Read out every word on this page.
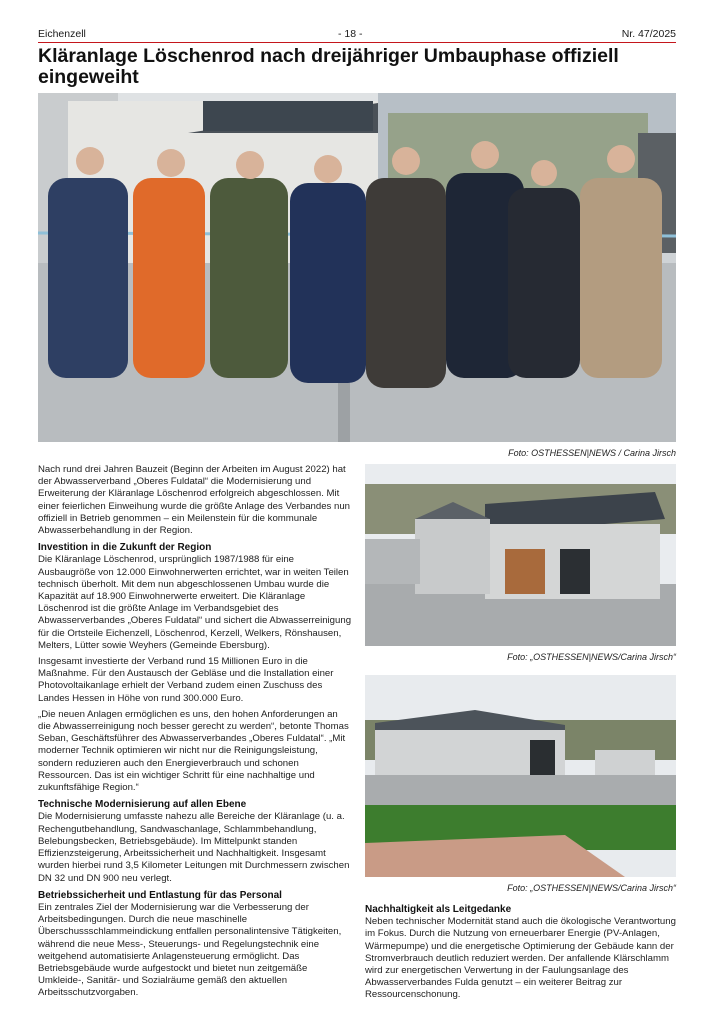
Eichenzell	- 18 -	Nr. 47/2025
Kläranlage Löschenrod nach dreijähriger Umbauphase offiziell eingeweiht
Foto: OSTHESSEN|NEWS / Carina Jirsch
Foto: „OSTHESSEN|NEWS/Carina Jirsch“
Foto: „OSTHESSEN|NEWS/Carina Jirsch“

Nach rund drei Jahren Bauzeit (Beginn der Arbeiten im August 2022) hat der Abwasserverband „Oberes Fuldatal“ die Modernisierung und Erweiterung der Kläranlage Löschenrod erfolgreich abgeschlossen. Mit einer feierlichen Einweihung wurde die größte Anlage des Verbandes nun offiziell in Betrieb genommen – ein Meilenstein für die kommunale Abwasserbehandlung in der Region.

Investition in die Zukunft der Region

Die Kläranlage Löschenrod, ursprünglich 1987/1988 für eine Ausbaugröße von 12.000 Einwohnerwerten errichtet, war in weiten Teilen technisch überholt. Mit dem nun abgeschlossenen Umbau wurde die Kapazität auf 18.900 Einwohnerwerte erweitert. Die Kläranlage Löschenrod ist die größte Anlage im Verbandsgebiet des Abwasserverbandes „Oberes Fuldatal“ und sichert die Abwasserreinigung für die Ortsteile Eichenzell, Löschenrod, Kerzell, Welkers, Rönshausen, Melters, Lütter sowie Weyhers (Gemeinde Ebersburg).

Insgesamt investierte der Verband rund 15 Millionen Euro in die Maßnahme. Für den Austausch der Gebläse und die Installation einer Photovoltaikanlage erhielt der Verband zudem einen Zuschuss des Landes Hessen in Höhe von rund 300.000 Euro.

„Die neuen Anlagen ermöglichen es uns, den hohen Anforderungen an die Abwasserreinigung noch besser gerecht zu werden“, betonte Thomas Seban, Geschäftsführer des Abwasserverbandes „Oberes Fuldatal“. „Mit moderner Technik optimieren wir nicht nur die Reinigungsleistung, sondern reduzieren auch den Energieverbrauch und schonen Ressourcen. Das ist ein wichtiger Schritt für eine nachhaltige und zukunftsfähige Region.“

Technische Modernisierung auf allen Ebene

Die Modernisierung umfasste nahezu alle Bereiche der Kläranlage (u. a. Rechengutbehandlung, Sandwaschanlage, Schlammbehandlung, Belebungsbecken, Betriebsgebäude). Im Mittelpunkt standen Effizienzsteigerung, Arbeitssicherheit und Nachhaltigkeit. Insgesamt wurden hierbei rund 3,5 Kilometer Leitungen mit Durchmessern zwischen DN 32 und DN 900 neu verlegt.

Betriebssicherheit und Entlastung für das Personal

Ein zentrales Ziel der Modernisierung war die Verbesserung der Arbeitsbedingungen. Durch die neue maschinelle Überschussschlammeindickung entfallen personalintensive Tätigkeiten, während die neue Mess-, Steuerungs- und Regelungstechnik eine weitgehend automatisierte Anlagensteuerung ermöglicht. Das Betriebsgebäude wurde aufgestockt und bietet nun zeitgemäße Umkleide-, Sanitär- und Sozialräume gemäß den aktuellen Arbeitsschutzvorgaben.

Nachhaltigkeit als Leitgedanke

Neben technischer Modernität stand auch die ökologische Verantwortung im Fokus. Durch die Nutzung von erneuerbarer Energie (PV-Anlagen, Wärmepumpe) und die energetische Optimierung der Gebäude kann der Stromverbrauch deutlich reduziert werden. Der anfallende Klärschlamm wird zur energetischen Verwertung in der Faulungsanlage des Abwasserverbandes Fulda genutzt – ein weiterer Beitrag zur Ressourcenschonung.
